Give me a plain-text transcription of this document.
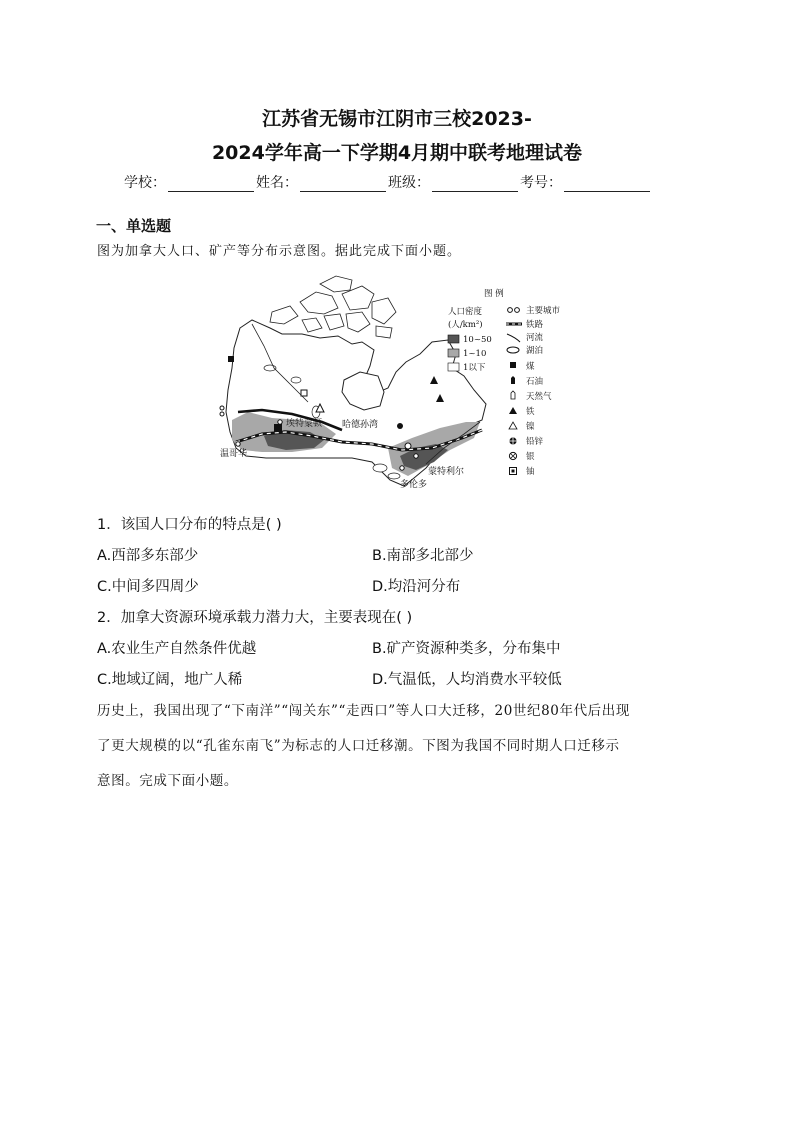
江苏省无锡市江阴市三校2023-
2024学年高一下学期4月期中联考地理试卷
学校：	姓名：	班级：	考号：
一、单选题
图为加拿大人口、矿产等分布示意图。据此完成下面小题。
哈德孙湾
埃特蒙顿
温哥华
蒙特利尔
多伦多
图 例
人口密度
(人/km²)
10~50
1~10
1以下
主要城市
铁路
河流
湖泊
煤
石油
天然气
铁
镍
铅锌
银
铀
1．该国人口分布的特点是( )
A.西部多东部少	B.南部多北部少
C.中间多四周少	D.均沿河分布
2．加拿大资源环境承载力潜力大，主要表现在( )
A.农业生产自然条件优越	B.矿产资源种类多，分布集中
C.地域辽阔，地广人稀	D.气温低，人均消费水平较低
历史上，我国出现了“下南洋”“闯关东”“走西口”等人口大迁移，20世纪80年代后出现
了更大规模的以“孔雀东南飞”为标志的人口迁移潮。下图为我国不同时期人口迁移示
意图。完成下面小题。
